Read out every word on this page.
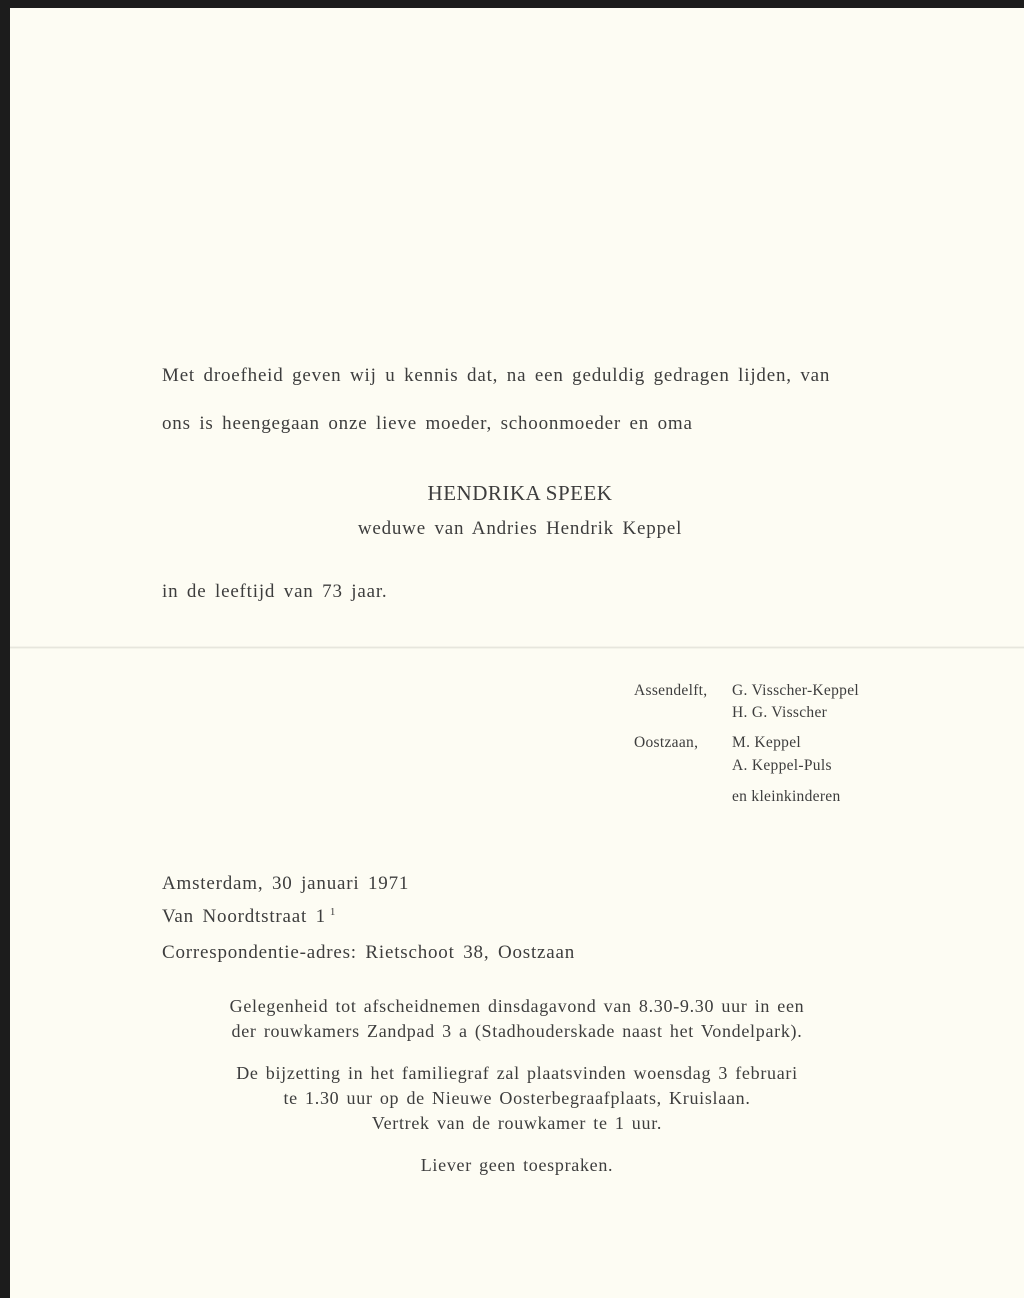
Met droefheid geven wij u kennis dat, na een geduldig gedragen lijden, van
ons is heengegaan onze lieve moeder, schoonmoeder en oma
HENDRIKA SPEEK
weduwe van Andries Hendrik Keppel
in de leeftijd van 73 jaar.
Assendelft, G. Visscher-Keppel
H. G. Visscher
Oostzaan, M. Keppel
A. Keppel-Puls
en kleinkinderen
Amsterdam, 30 januari 1971
Van Noordtstraat 1 $^1$
Correspondentie-adres: Rietschoot 38, Oostzaan
Gelegenheid tot afscheidnemen dinsdagavond van 8.30-9.30 uur in een
der rouwkamers Zandpad 3 a (Stadhouderskade naast het Vondelpark).
De bijzetting in het familiegraf zal plaatsvinden woensdag 3 februari
te 1.30 uur op de Nieuwe Oosterbegraafplaats, Kruislaan.
Vertrek van de rouwkamer te 1 uur.
Liever geen toespraken.
